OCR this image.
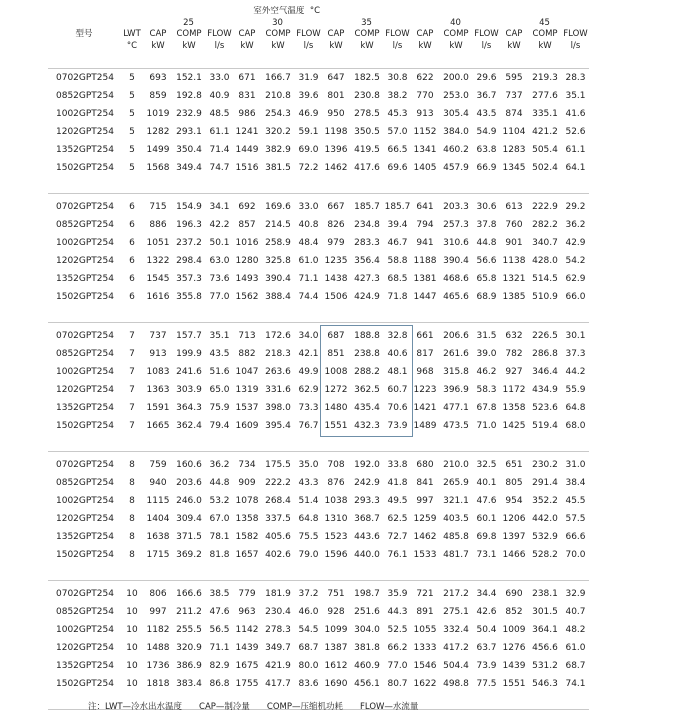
		室外空气温度 °C														
型号		25			30			35			40			45		
	LWT	CAP	COMP	FLOW	CAP	COMP	FLOW	CAP	COMP	FLOW	CAP	COMP	FLOW	CAP	COMP	FLOW
	°C	kW	kW	l/s	kW	kW	l/s	kW	kW	l/s	kW	kW	l/s	kW	kW	l/s

0702GPT254	5	693	152.1	33.0	671	166.7	31.9	647	182.5	30.8	622	200.0	29.6	595	219.3	28.3
0852GPT254	5	859	192.8	40.9	831	210.8	39.6	801	230.8	38.2	770	253.0	36.7	737	277.6	35.1
1002GPT254	5	1019	232.9	48.5	986	254.3	46.9	950	278.5	45.3	913	305.4	43.5	874	335.1	41.6
1202GPT254	5	1282	293.1	61.1	1241	320.2	59.1	1198	350.5	57.0	1152	384.0	54.9	1104	421.2	52.6
1352GPT254	5	1499	350.4	71.4	1449	382.9	69.0	1396	419.5	66.5	1341	460.2	63.8	1283	505.4	61.1
1502GPT254	5	1568	349.4	74.7	1516	381.5	72.2	1462	417.6	69.6	1405	457.9	66.9	1345	502.4	64.1

0702GPT254	6	715	154.9	34.1	692	169.6	33.0	667	185.7	185.7	641	203.3	30.6	613	222.9	29.2
0852GPT254	6	886	196.3	42.2	857	214.5	40.8	826	234.8	39.4	794	257.3	37.8	760	282.2	36.2
1002GPT254	6	1051	237.2	50.1	1016	258.9	48.4	979	283.3	46.7	941	310.6	44.8	901	340.7	42.9
1202GPT254	6	1322	298.4	63.0	1280	325.8	61.0	1235	356.4	58.8	1188	390.4	56.6	1138	428.0	54.2
1352GPT254	6	1545	357.3	73.6	1493	390.4	71.1	1438	427.3	68.5	1381	468.6	65.8	1321	514.5	62.9
1502GPT254	6	1616	355.8	77.0	1562	388.4	74.4	1506	424.9	71.8	1447	465.6	68.9	1385	510.9	66.0

0702GPT254	7	737	157.7	35.1	713	172.6	34.0	687	188.8	32.8	661	206.6	31.5	632	226.5	30.1
0852GPT254	7	913	199.9	43.5	882	218.3	42.1	851	238.8	40.6	817	261.6	39.0	782	286.8	37.3
1002GPT254	7	1083	241.6	51.6	1047	263.6	49.9	1008	288.2	48.1	968	315.8	46.2	927	346.4	44.2
1202GPT254	7	1363	303.9	65.0	1319	331.6	62.9	1272	362.5	60.7	1223	396.9	58.3	1172	434.9	55.9
1352GPT254	7	1591	364.3	75.9	1537	398.0	73.3	1480	435.4	70.6	1421	477.1	67.8	1358	523.6	64.8
1502GPT254	7	1665	362.4	79.4	1609	395.4	76.7	1551	432.3	73.9	1489	473.5	71.0	1425	519.4	68.0

0702GPT254	8	759	160.6	36.2	734	175.5	35.0	708	192.0	33.8	680	210.0	32.5	651	230.2	31.0
0852GPT254	8	940	203.6	44.8	909	222.2	43.3	876	242.9	41.8	841	265.9	40.1	805	291.4	38.4
1002GPT254	8	1115	246.0	53.2	1078	268.4	51.4	1038	293.3	49.5	997	321.1	47.6	954	352.2	45.5
1202GPT254	8	1404	309.4	67.0	1358	337.5	64.8	1310	368.7	62.5	1259	403.5	60.1	1206	442.0	57.5
1352GPT254	8	1638	371.5	78.1	1582	405.6	75.5	1523	443.6	72.7	1462	485.8	69.8	1397	532.9	66.6
1502GPT254	8	1715	369.2	81.8	1657	402.6	79.0	1596	440.0	76.1	1533	481.7	73.1	1466	528.2	70.0

0702GPT254	10	806	166.6	38.5	779	181.9	37.2	751	198.7	35.9	721	217.2	34.4	690	238.1	32.9
0852GPT254	10	997	211.2	47.6	963	230.4	46.0	928	251.6	44.3	891	275.1	42.6	852	301.5	40.7
1002GPT254	10	1182	255.5	56.5	1142	278.3	54.5	1099	304.0	52.5	1055	332.4	50.4	1009	364.1	48.2
1202GPT254	10	1488	320.9	71.1	1439	349.7	68.7	1387	381.8	66.2	1333	417.2	63.7	1276	456.6	61.0
1352GPT254	10	1736	386.9	82.9	1675	421.9	80.0	1612	460.9	77.0	1546	504.4	73.9	1439	531.2	68.7
1502GPT254	10	1818	383.4	86.8	1755	417.7	83.6	1690	456.1	80.7	1622	498.8	77.5	1551	546.3	74.1

注：LWT—冷水出水温度　　CAP—制冷量　　COMP—压缩机功耗　　FLOW—水流量
